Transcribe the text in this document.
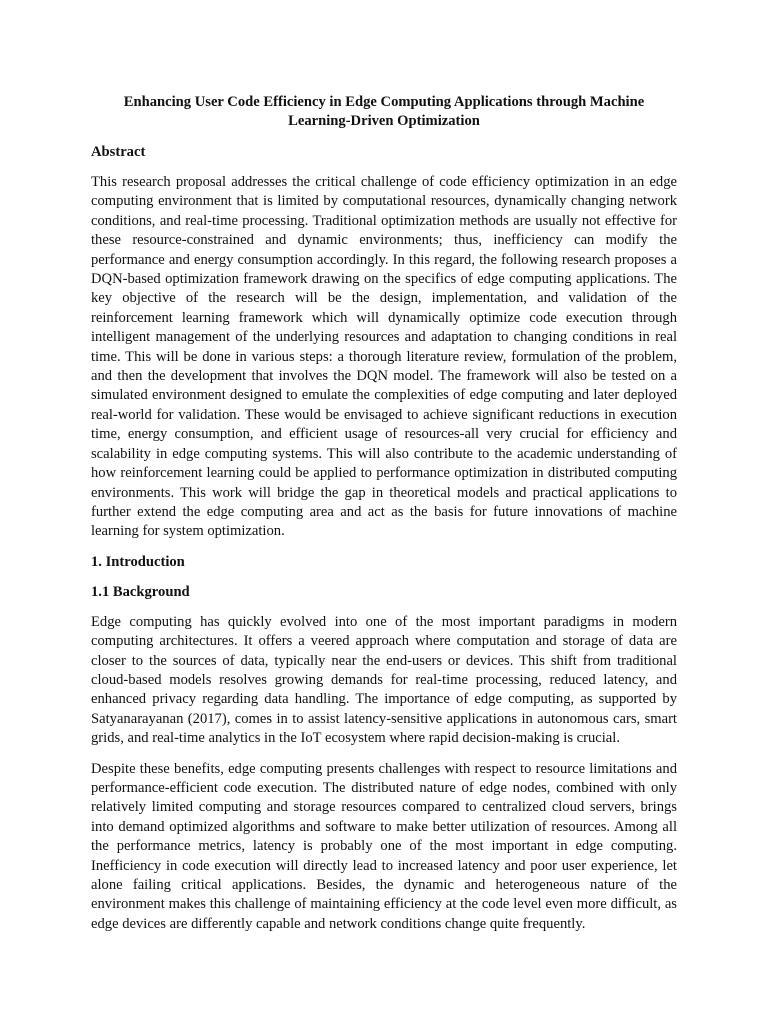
Enhancing User Code Efficiency in Edge Computing Applications through Machine Learning-Driven Optimization
Abstract

This research proposal addresses the critical challenge of code efficiency optimization in an edge computing environment that is limited by computational resources, dynamically changing network conditions, and real-time processing. Traditional optimization methods are usually not effective for these resource-constrained and dynamic environments; thus, inefficiency can modify the performance and energy consumption accordingly. In this regard, the following research proposes a DQN-based optimization framework drawing on the specifics of edge computing applications. The key objective of the research will be the design, implementation, and validation of the reinforcement learning framework which will dynamically optimize code execution through intelligent management of the underlying resources and adaptation to changing conditions in real time. This will be done in various steps: a thorough literature review, formulation of the problem, and then the development that involves the DQN model. The framework will also be tested on a simulated environment designed to emulate the complexities of edge computing and later deployed real-world for validation. These would be envisaged to achieve significant reductions in execution time, energy consumption, and efficient usage of resources-all very crucial for efficiency and scalability in edge computing systems. This will also contribute to the academic understanding of how reinforcement learning could be applied to performance optimization in distributed computing environments. This work will bridge the gap in theoretical models and practical applications to further extend the edge computing area and act as the basis for future innovations of machine learning for system optimization.

1. Introduction
1.1 Background

Edge computing has quickly evolved into one of the most important paradigms in modern computing architectures. It offers a veered approach where computation and storage of data are closer to the sources of data, typically near the end-users or devices. This shift from traditional cloud-based models resolves growing demands for real-time processing, reduced latency, and enhanced privacy regarding data handling. The importance of edge computing, as supported by Satyanarayanan (2017), comes in to assist latency-sensitive applications in autonomous cars, smart grids, and real-time analytics in the IoT ecosystem where rapid decision-making is crucial.

Despite these benefits, edge computing presents challenges with respect to resource limitations and performance-efficient code execution. The distributed nature of edge nodes, combined with only relatively limited computing and storage resources compared to centralized cloud servers, brings into demand optimized algorithms and software to make better utilization of resources. Among all the performance metrics, latency is probably one of the most important in edge computing. Inefficiency in code execution will directly lead to increased latency and poor user experience, let alone failing critical applications. Besides, the dynamic and heterogeneous nature of the environment makes this challenge of maintaining efficiency at the code level even more difficult, as edge devices are differently capable and network conditions change quite frequently.
